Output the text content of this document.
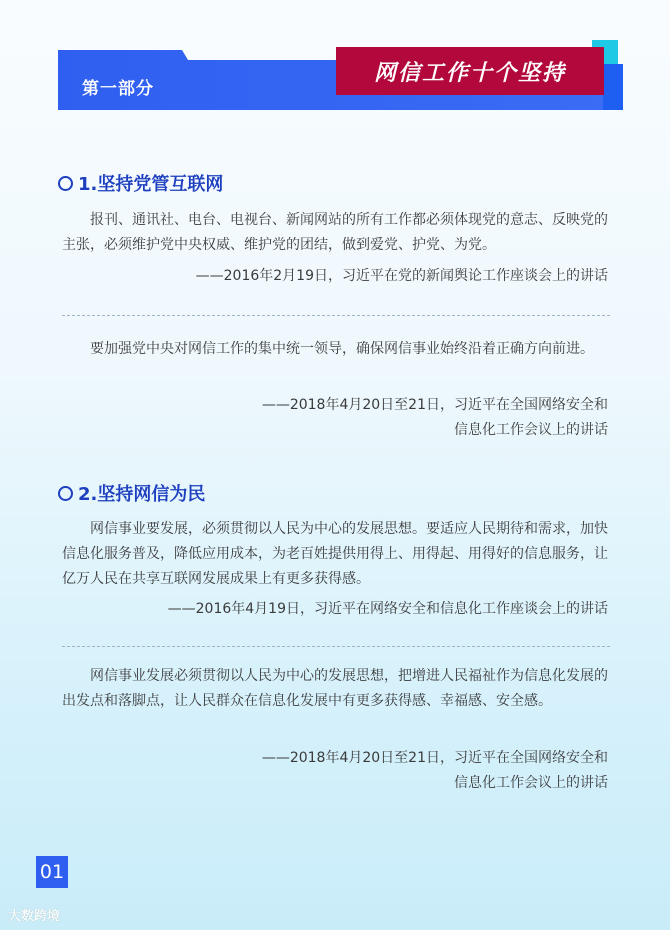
第一部分
网信工作十个坚持
1.坚持党管互联网

报刊、通讯社、电台、电视台、新闻网站的所有工作都必须体现党的意志、反映党的主张，必须维护党中央权威、维护党的团结，做到爱党、护党、为党。

——2016年2月19日，习近平在党的新闻舆论工作座谈会上的讲话

要加强党中央对网信工作的集中统一领导，确保网信事业始终沿着正确方向前进。

——2018年4月20日至21日，习近平在全国网络安全和
信息化工作会议上的讲话
2.坚持网信为民

网信事业要发展，必须贯彻以人民为中心的发展思想。要适应人民期待和需求，加快信息化服务普及，降低应用成本，为老百姓提供用得上、用得起、用得好的信息服务，让亿万人民在共享互联网发展成果上有更多获得感。

——2016年4月19日，习近平在网络安全和信息化工作座谈会上的讲话

网信事业发展必须贯彻以人民为中心的发展思想，把增进人民福祉作为信息化发展的出发点和落脚点，让人民群众在信息化发展中有更多获得感、幸福感、安全感。

——2018年4月20日至21日，习近平在全国网络安全和
信息化工作会议上的讲话
01
大数跨境
